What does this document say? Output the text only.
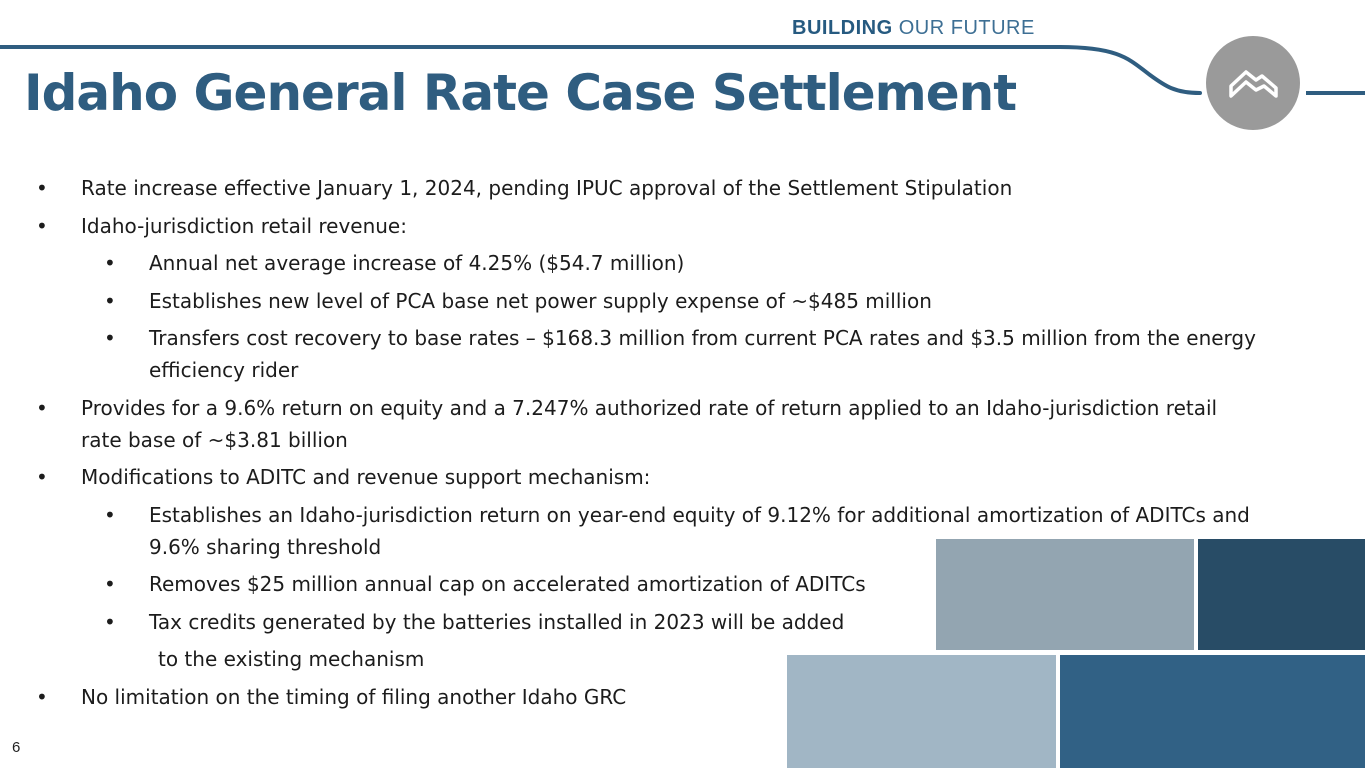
BUILDING OUR FUTURE
Idaho General Rate Case Settlement
• Rate increase effective January 1, 2024, pending IPUC approval of the Settlement Stipulation
• Idaho-jurisdiction retail revenue:
• Annual net average increase of 4.25% ($54.7 million)
• Establishes new level of PCA base net power supply expense of ~$485 million
• Transfers cost recovery to base rates – $168.3 million from current PCA rates and $3.5 million from the energy efficiency rider
• Provides for a 9.6% return on equity and a 7.247% authorized rate of return applied to an Idaho-jurisdiction retail rate base of ~$3.81 billion
• Modifications to ADITC and revenue support mechanism:
• Establishes an Idaho-jurisdiction return on year-end equity of 9.12% for additional amortization of ADITCs and 9.6% sharing threshold
• Removes $25 million annual cap on accelerated amortization of ADITCs
• Tax credits generated by the batteries installed in 2023 will be added
to the existing mechanism
• No limitation on the timing of filing another Idaho GRC
6
